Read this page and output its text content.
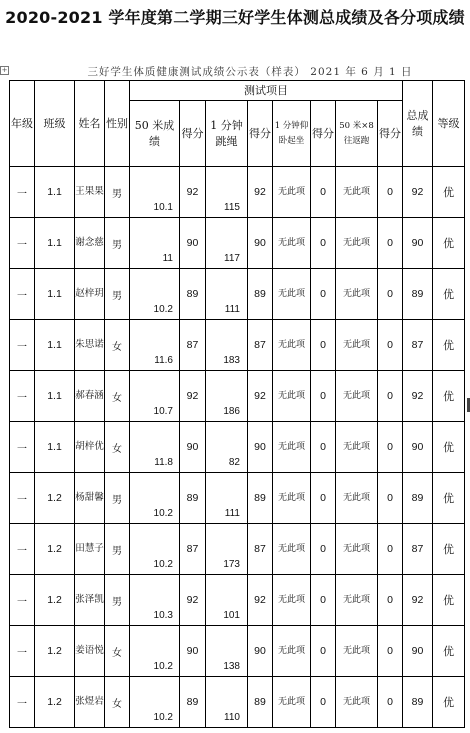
2020-2021 学年度第二学期三好学生体测总成绩及各分项成绩
+	三好学生体质健康测试成绩公示表（样表） 2021 年 6 月 1 日
年级	班级	姓名	性别	测试项目								总成绩	等级
				50 米成绩	得分	1 分钟跳绳	得分	1 分钟仰卧起坐	得分	50 米×8 往返跑	得分		
一	1.1	王果果	男	10.1	92	115	92	无此项	0	无此项	0	92	优
一	1.1	谢念慈	男	11	90	117	90	无此项	0	无此项	0	90	优
一	1.1	赵梓玥	男	10.2	89	111	89	无此项	0	无此项	0	89	优
一	1.1	朱思诺	女	11.6	87	183	87	无此项	0	无此项	0	87	优
一	1.1	郝春涵	女	10.7	92	186	92	无此项	0	无此项	0	92	优
一	1.1	胡梓优	女	11.8	90	82	90	无此项	0	无此项	0	90	优
一	1.2	杨甜馨	男	10.2	89	111	89	无此项	0	无此项	0	89	优
一	1.2	田慧子	男	10.2	87	173	87	无此项	0	无此项	0	87	优
一	1.2	张泽凯	男	10.3	92	101	92	无此项	0	无此项	0	92	优
一	1.2	姜语悦	女	10.2	90	138	90	无此项	0	无此项	0	90	优
一	1.2	张煜岩	女	10.2	89	110	89	无此项	0	无此项	0	89	优
